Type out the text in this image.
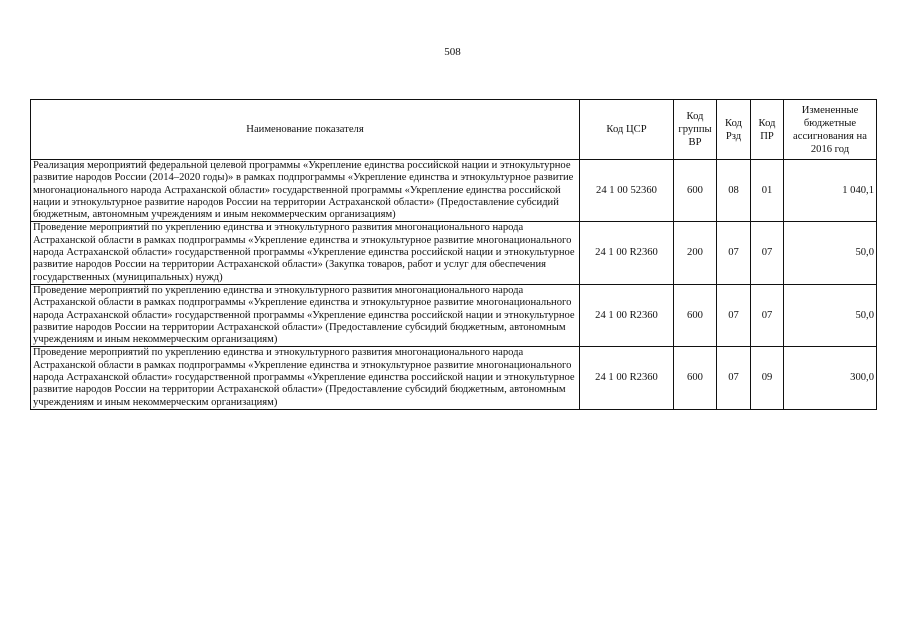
508
Наименование показателя	Код ЦСР	Код группы ВР	Код Рзд	Код ПР	Измененные бюджетные ассигнования на 2016 год
Реализация мероприятий федеральной целевой программы «Укрепление единства российской нации и этнокультурное развитие народов России (2014–2020 годы)» в рамках подпрограммы «Укрепление единства и этнокультурное развитие многонационального народа Астраханской области» государственной программы «Укрепление единства российской нации и этнокультурное развитие народов России на территории Астраханской области» (Предоставление субсидий бюджетным, автономным учреждениям и иным некоммерческим организациям)	24 1 00 52360	600	08	01	1 040,1
Проведение мероприятий по укреплению единства и этнокультурного развития многонационального народа Астраханской области в рамках подпрограммы «Укрепление единства и этнокультурное развитие многонационального народа Астраханской области» государственной программы «Укрепление единства российской нации и этнокультурное развитие народов России на территории Астраханской области» (Закупка товаров, работ и услуг для обеспечения государственных (муниципальных) нужд)	24 1 00 R2360	200	07	07	50,0
Проведение мероприятий по укреплению единства и этнокультурного развития многонационального народа Астраханской области в рамках подпрограммы «Укрепление единства и этнокультурное развитие многонационального народа Астраханской области» государственной программы «Укрепление единства российской нации и этнокультурное развитие народов России на территории Астраханской области» (Предоставление субсидий бюджетным, автономным учреждениям и иным некоммерческим организациям)	24 1 00 R2360	600	07	07	50,0
Проведение мероприятий по укреплению единства и этнокультурного развития многонационального народа Астраханской области в рамках подпрограммы «Укрепление единства и этнокультурное развитие многонационального народа Астраханской области» государственной программы «Укрепление единства российской нации и этнокультурное развитие народов России на территории Астраханской области» (Предоставление субсидий бюджетным, автономным учреждениям и иным некоммерческим организациям)	24 1 00 R2360	600	07	09	300,0
